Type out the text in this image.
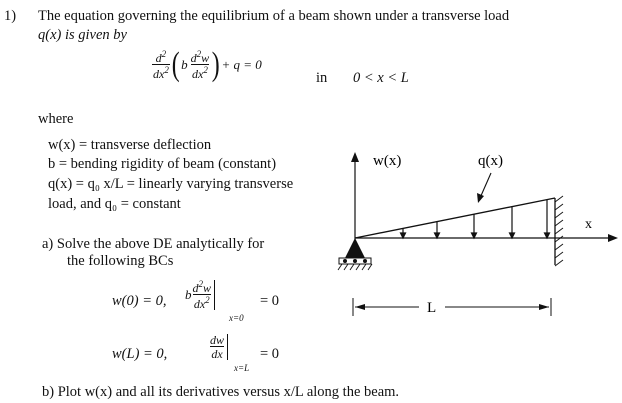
1) The equation governing the equilibrium of a beam shown under a transverse load
q(x) is given by
$\frac{d^2}{dx^2}$ ( b $\frac{d^2w}{dx^2}$ ) + q = 0
in 0 < x < L
where
w(x) = transverse deflection
b = bending rigidity of beam (constant)
q(x) = q₀ x/L = linearly varying transverse
load, and q₀ = constant
a) Solve the above DE analytically for
the following BCs
w(0) = 0, b $\frac{d^2w}{dx^2}$
x=0
= 0
w(L) = 0,	$\frac{dw}{dx}$
x=L
= 0
b) Plot w(x) and all its derivatives versus x/L along the beam.
w(x)
x
q(x)
L
